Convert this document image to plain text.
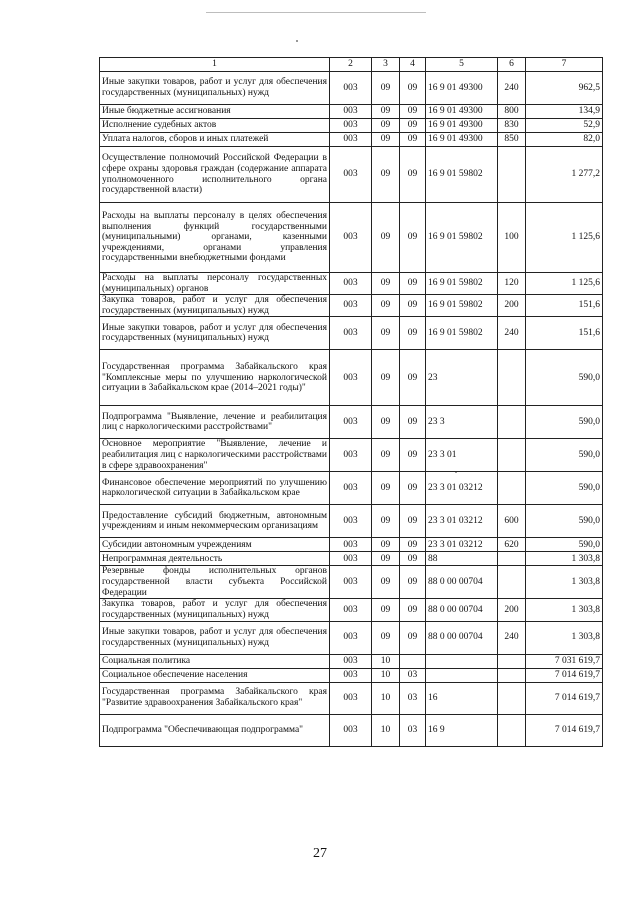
1	2	3	4	5	6	7
Иные закупки товаров, работ и услуг для обеспечения государственных (муниципальных) нужд	003	09	09	16 9 01 49300	240	962,5
Иные бюджетные ассигнования	003	09	09	16 9 01 49300	800	134,9
Исполнение судебных актов	003	09	09	16 9 01 49300	830	52,9
Уплата налогов, сборов и иных платежей	003	09	09	16 9 01 49300	850	82,0
Осуществление полномочий Российской Федерации в сфере охраны здоровья граждан (содержание аппарата уполномоченного исполнительного органа государственной власти)	003	09	09	16 9 01 59802		1 277,2
Расходы на выплаты персоналу в целях обеспечения выполнения функций государственными (муниципальными) органами, казенными учреждениями, органами управления государственными внебюджетными фондами	003	09	09	16 9 01 59802	100	1 125,6
Расходы на выплаты персоналу государственных (муниципальных) органов	003	09	09	16 9 01 59802	120	1 125,6
Закупка товаров, работ и услуг для обеспечения государственных (муниципальных) нужд	003	09	09	16 9 01 59802	200	151,6
Иные закупки товаров, работ и услуг для обеспечения государственных (муниципальных) нужд	003	09	09	16 9 01 59802	240	151,6
Государственная программа Забайкальского края "Комплексные меры по улучшению наркологической ситуации в Забайкальском крае (2014–2021 годы)"	003	09	09	23		590,0
Подпрограмма "Выявление, лечение и реабилитация лиц с наркологическими расстройствами"	003	09	09	23 3		590,0
Основное мероприятие "Выявление, лечение и реабилитация лиц с наркологическими расстройствами в сфере здравоохранения"	003	09	09	23 3 01		590,0
Финансовое обеспечение мероприятий по улучшению наркологической ситуации в Забайкальском крае	003	09	09	23 3 01 03212		590,0
Предоставление субсидий бюджетным, автономным учреждениям и иным некоммерческим организациям	003	09	09	23 3 01 03212	600	590,0
Субсидии автономным учреждениям	003	09	09	23 3 01 03212	620	590,0
Непрограммная деятельность	003	09	09	88		1 303,8
Резервные фонды исполнительных органов государственной власти субъекта Российской Федерации	003	09	09	88 0 00 00704		1 303,8
Закупка товаров, работ и услуг для обеспечения государственных (муниципальных) нужд	003	09	09	88 0 00 00704	200	1 303,8
Иные закупки товаров, работ и услуг для обеспечения государственных (муниципальных) нужд	003	09	09	88 0 00 00704	240	1 303,8
Социальная политика	003	10				7 031 619,7
Социальное обеспечение населения	003	10	03			7 014 619,7
Государственная программа Забайкальского края "Развитие здравоохранения Забайкальского края"	003	10	03	16		7 014 619,7
Подпрограмма "Обеспечивающая подпрограмма"	003	10	03	16 9		7 014 619,7
27
